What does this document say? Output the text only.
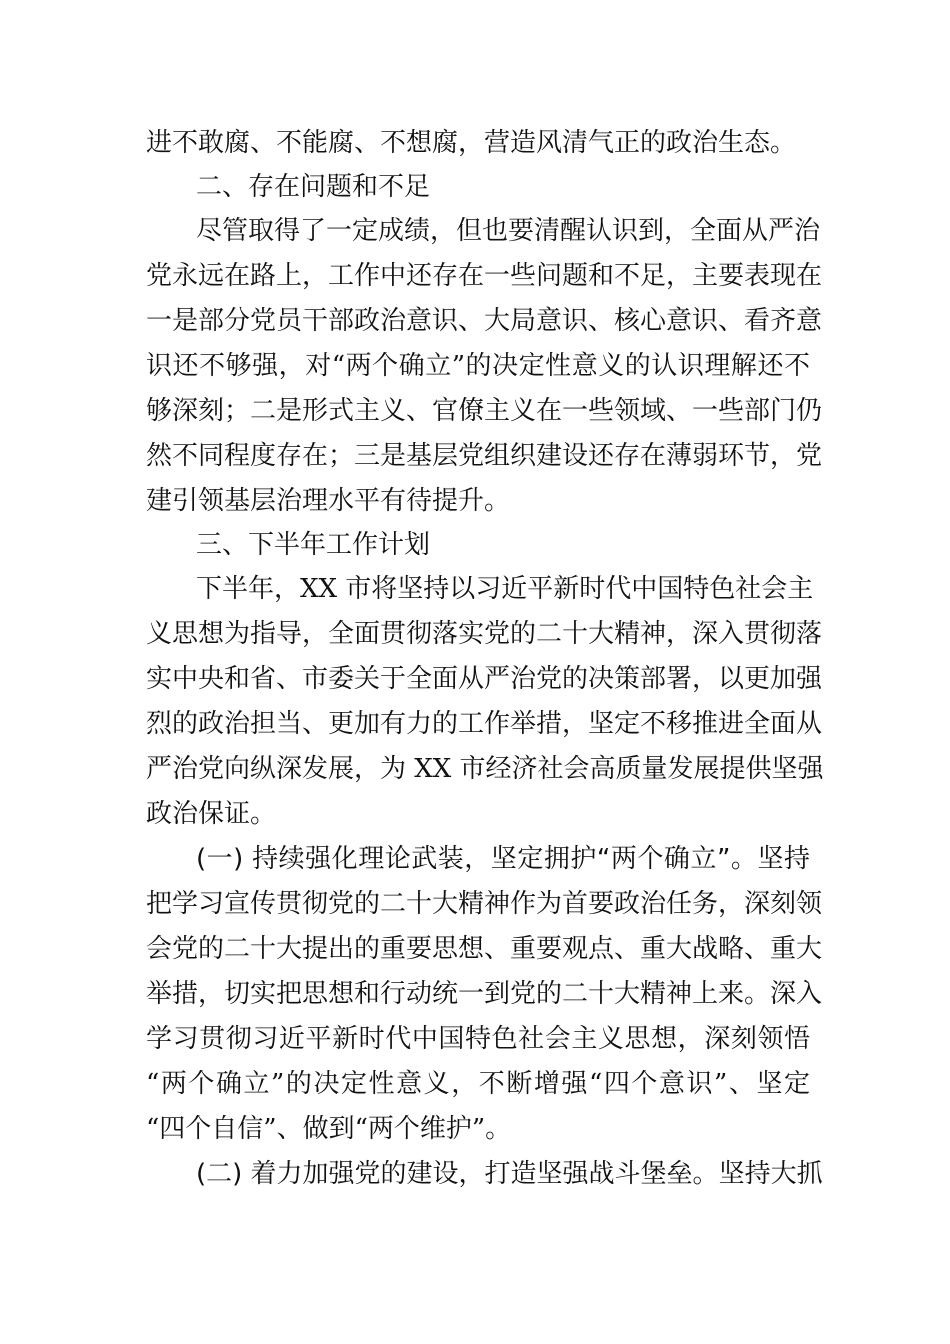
进不敢腐、不能腐、不想腐，营造风清气正的政治生态。
二、存在问题和不足
尽管取得了一定成绩，但也要清醒认识到，全面从严治
党永远在路上，工作中还存在一些问题和不足，主要表现在
一是部分党员干部政治意识、大局意识、核心意识、看齐意
识还不够强，对“两个确立”的决定性意义的认识理解还不
够深刻；二是形式主义、官僚主义在一些领域、一些部门仍
然不同程度存在；三是基层党组织建设还存在薄弱环节，党
建引领基层治理水平有待提升。
三、下半年工作计划
下半年，XX 市将坚持以习近平新时代中国特色社会主
义思想为指导，全面贯彻落实党的二十大精神，深入贯彻落
实中央和省、市委关于全面从严治党的决策部署，以更加强
烈的政治担当、更加有力的工作举措，坚定不移推进全面从
严治党向纵深发展，为 XX 市经济社会高质量发展提供坚强
政治保证。
(一) 持续强化理论武装，坚定拥护“两个确立”。坚持
把学习宣传贯彻党的二十大精神作为首要政治任务，深刻领
会党的二十大提出的重要思想、重要观点、重大战略、重大
举措，切实把思想和行动统一到党的二十大精神上来。深入
学习贯彻习近平新时代中国特色社会主义思想，深刻领悟
“两个确立”的决定性意义，不断增强“四个意识”、坚定
“四个自信”、做到“两个维护”。
(二) 着力加强党的建设，打造坚强战斗堡垒。坚持大抓
